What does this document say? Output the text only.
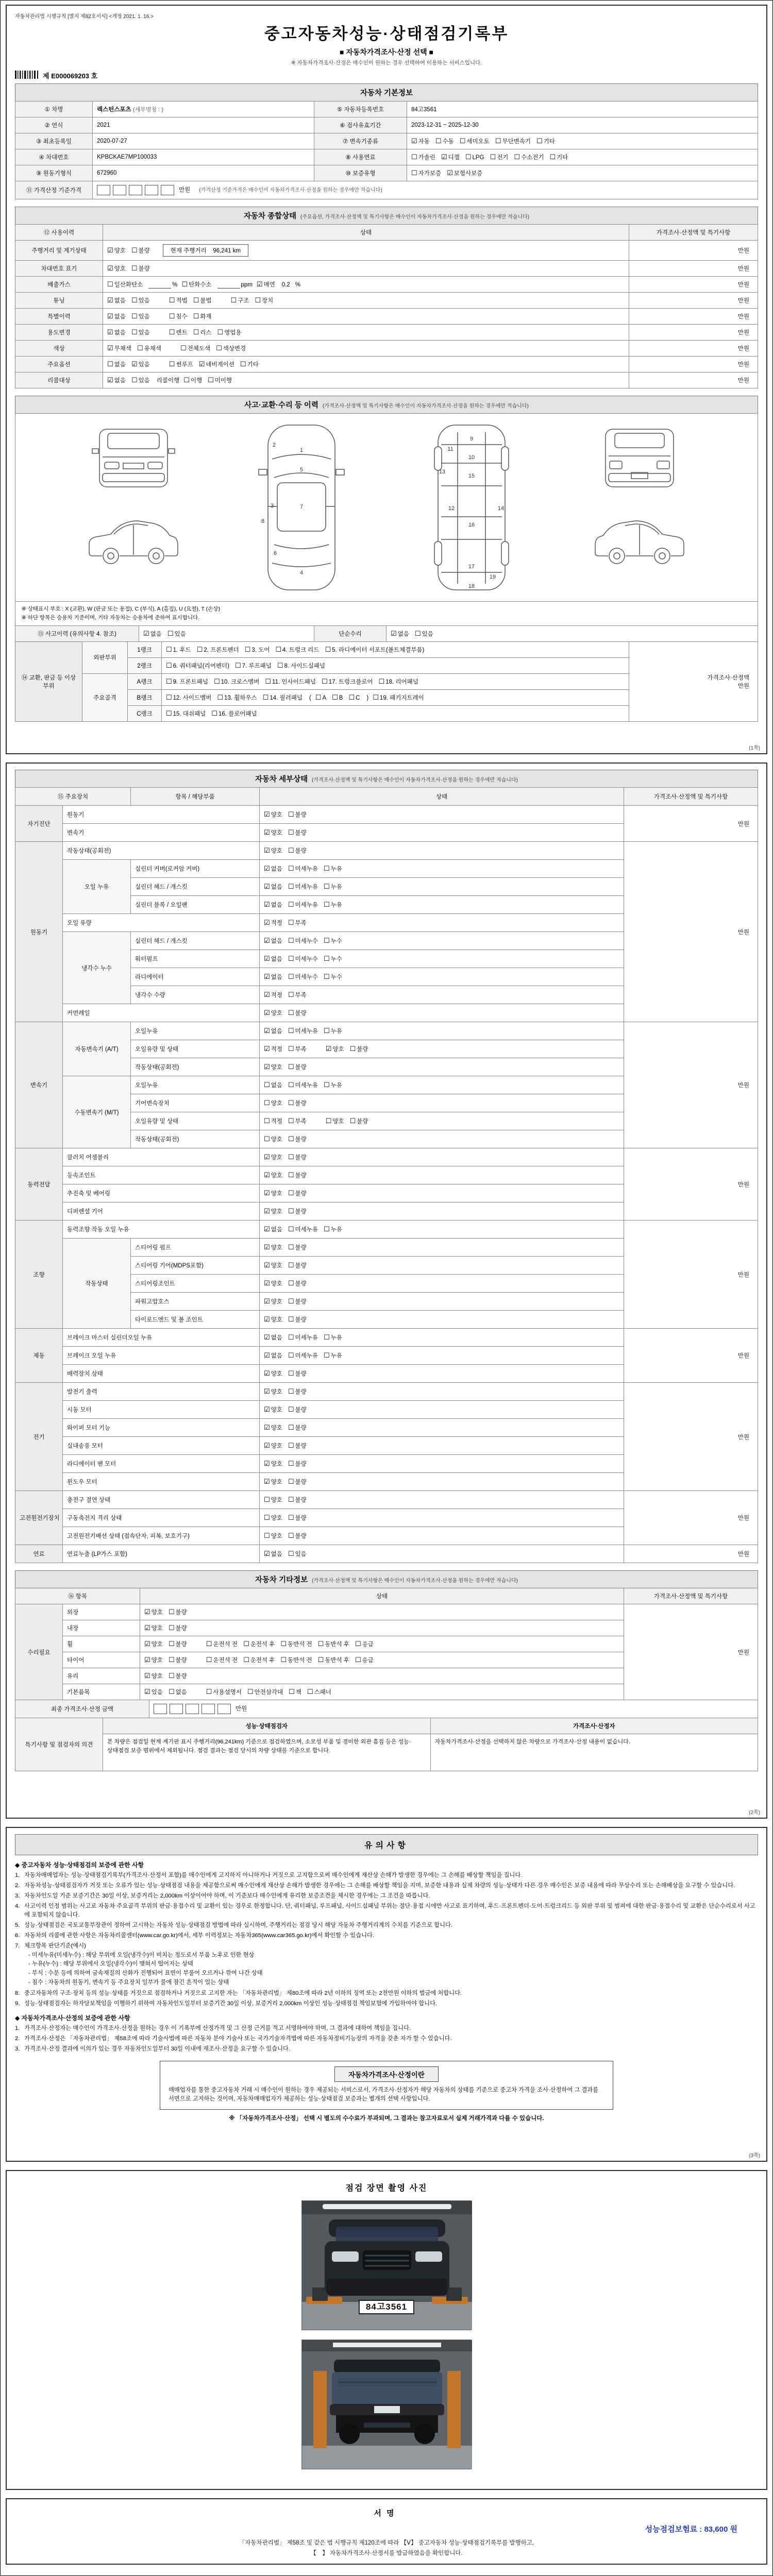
자동차관리법 시행규칙 [별지 제82호서식] <개정 2021. 1. 16.>
중고자동차성능·상태점검기록부
■ 자동차가격조사·산정 선택 ■
※ 자동차가격조사·산정은 매수인이 원하는 경우 선택하여 이용하는 서비스입니다.
제 E000069203 호
자동차 기본정보
① 차명	렉스턴스포츠 (세부명칭 : )	⑤ 자동차등록번호	84고3561
② 연식	2021	⑥ 검사유효기간	2023-12-31 ~ 2025-12-30
③ 최초등록일	2020-07-27	⑦ 변속기종류	☑ 자동 ☐ 수동 ☐ 세미오토 ☐ 무단변속기 ☐ 기타
④ 차대번호	KPBCKAE7MP100033	⑧ 사용연료	☐ 가솔린 ☑ 디젤 ☐ LPG ☐ 전기 ☐ 수소전기 ☐ 기타
⑨ 원동기형식	672960	⑩ 보증유형	☐ 자가보증 ☑ 보험사보증
⑪ 가격산정 기준가격	만원 (가격산정 기준가격은 매수인이 자동차가격조사·산정을 원하는 경우에만 적습니다)		
자동차 종합상태 (주요옵션, 가격조사·산정액 및 특기사항은 매수인이 자동차가격조사·산정을 원하는 경우에만 적습니다)
⑫ 사용이력	상태	가격조사·산정액 및 특기사항
주행거리 및 계기상태	☑ 양호 ☐ 불량 현재 주행거리    96,241 km	만원
차대번호 표기	☑ 양호 ☐ 불량	만원
배출가스	☐ 일산화탄소 % ☐ 탄화수소 ppm ☑ 매연 0.2 %	만원
튜닝	☑ 없음 ☐ 있음 ☐ 적법 ☐ 불법 ☐ 구조 ☐ 장치	만원
특별이력	☑ 없음 ☐ 있음 ☐ 침수 ☐ 화재	만원
용도변경	☑ 없음 ☐ 있음 ☐ 렌트 ☐ 리스 ☐ 영업용	만원
색상	☑ 무채색 ☐ 유채색 ☐ 전체도색 ☐ 색상변경	만원
주요옵션	☐ 없음 ☑ 있음 ☐ 썬루프 ☑ 네비게이션 ☐ 기타	만원
리콜대상	☑ 없음 ☐ 있음 리콜이행 ☐ 이행 ☐ 미이행	만원
사고·교환·수리 등 이력 (가격조사·산정액 및 특기사항은 매수인이 자동차가격조사·산정을 원하는 경우에만 적습니다)
1
2
3
4
5
6
7
8
9
10
11
12
13
14
15
16
17
18
19
※ 상태표시 부호 : X (교환), W (판금 또는 용접), C (부식), A (흠집), U (요철), T (손상)
※ 하단 항목은 승용차 기준이며, 기타 자동차는 승용차에 준하여 표시합니다.
⑬ 사고이력 (유의사항 4. 참조)	☑ 없음 ☐ 있음	단순수리	☑ 없음 ☐ 있음
⑭ 교환, 판금 등 이상 부위	외판부위	1랭크	☐ 1. 후드 ☐ 2. 프론트펜더 ☐ 3. 도어 ☐ 4. 트렁크 리드 ☐ 5. 라디에이터 서포트(볼트체결부품)	가격조사·산정액
만원

		2랭크	☐ 6. 쿼터패널(리어펜더) ☐ 7. 루프패널 ☐ 8. 사이드실패널	
	주요골격	A랭크	☐ 9. 프론트패널 ☐ 10. 크로스멤버 ☐ 11. 인사이드패널 ☐ 17. 트렁크플로어 ☐ 18. 리어패널	
		B랭크	☐ 12. 사이드멤버 ☐ 13. 휠하우스 ☐ 14. 필러패널 ( ☐ A ☐ B ☐ C ) ☐ 19. 패키지트레이	
		C랭크	☐ 15. 대쉬패널 ☐ 16. 플로어패널	
(1쪽)
자동차 세부상태 (가격조사·산정액 및 특기사항은 매수인이 자동차가격조사·산정을 원하는 경우에만 적습니다)
⑮ 주요장치		항목 / 해당부품	상태	가격조사·산정액 및 특기사항
자기진단	원동기		☑ 양호 ☐ 불량	만원
	변속기		☑ 양호 ☐ 불량	
원동기	작동상태(공회전)		☑ 양호 ☐ 불량	만원
	오일 누유	실린더 커버(로커암 커버)	☑ 없음 ☐ 미세누유 ☐ 누유	
		실린더 헤드 / 개스킷	☑ 없음 ☐ 미세누유 ☐ 누유	
		실린더 블록 / 오일팬	☑ 없음 ☐ 미세누유 ☐ 누유	
	오일 유량		☑ 적정 ☐ 부족	
	냉각수 누수	실린더 헤드 / 개스킷	☑ 없음 ☐ 미세누수 ☐ 누수	
		워터펌프	☑ 없음 ☐ 미세누수 ☐ 누수	
		라디에이터	☑ 없음 ☐ 미세누수 ☐ 누수	
		냉각수 수량	☑ 적정 ☐ 부족	
	커먼레일		☑ 양호 ☐ 불량	
변속기	자동변속기 (A/T)	오일누유	☑ 없음 ☐ 미세누유 ☐ 누유	만원
		오일유량 및 상태	☑ 적정 ☐ 부족 ☑ 양호 ☐ 불량	
		작동상태(공회전)	☑ 양호 ☐ 불량	
	수동변속기 (M/T)	오일누유	☐ 없음 ☐ 미세누유 ☐ 누유	
		기어변속장치	☐ 양호 ☐ 불량	
		오일유량 및 상태	☐ 적정 ☐ 부족 ☐ 양호 ☐ 불량	
		작동상태(공회전)	☐ 양호 ☐ 불량	
동력전달	클러치 어셈블리		☑ 양호 ☐ 불량	만원
	등속조인트		☑ 양호 ☐ 불량	
	추진축 및 베어링		☑ 양호 ☐ 불량	
	디퍼렌셜 기어		☑ 양호 ☐ 불량	
조향	동력조향 작동 오일 누유		☑ 없음 ☐ 미세누유 ☐ 누유	만원
	작동상태	스티어링 펌프	☑ 양호 ☐ 불량	
		스티어링 기어(MDPS포함)	☑ 양호 ☐ 불량	
		스티어링조인트	☑ 양호 ☐ 불량	
		파워고압호스	☑ 양호 ☐ 불량	
		타이로드엔드 및 볼 조인트	☑ 양호 ☐ 불량	
제동	브레이크 마스터 실린더오일 누유		☑ 없음 ☐ 미세누유 ☐ 누유	만원
	브레이크 오일 누유		☑ 없음 ☐ 미세누유 ☐ 누유	
	배력장치 상태		☑ 양호 ☐ 불량	
전기	발전기 출력		☑ 양호 ☐ 불량	만원
	시동 모터		☑ 양호 ☐ 불량	
	와이퍼 모터 기능		☑ 양호 ☐ 불량	
	실내송풍 모터		☑ 양호 ☐ 불량	
	라디에이터 팬 모터		☑ 양호 ☐ 불량	
	윈도우 모터		☑ 양호 ☐ 불량	
고전원전기장치	충전구 절연 상태		☐ 양호 ☐ 불량	만원
	구동축전지 격리 상태		☐ 양호 ☐ 불량	
	고전원전기배선 상태 (접속단자, 피복, 보호기구)		☐ 양호 ☐ 불량	
연료	연료누출 (LP가스 포함)		☑ 없음 ☐ 있음	만원
자동차 기타정보 (가격조사·산정액 및 특기사항은 매수인이 자동차가격조사·산정을 원하는 경우에만 적습니다)
⑯ 항목		상태	가격조사·산정액 및 특기사항
수리필요	외장	☑ 양호 ☐ 불량	만원
	내장	☑ 양호 ☐ 불량	
	휠	☑ 양호 ☐ 불량 ☐ 운전석 전 ☐ 운전석 후 ☐ 동반석 전 ☐ 동반석 후 ☐ 응급	
	타이어	☑ 양호 ☐ 불량 ☐ 운전석 전 ☐ 운전석 후 ☐ 동반석 전 ☐ 동반석 후 ☐ 응급	
	유리	☑ 양호 ☐ 불량	
	기본품목	☑ 있음 ☐ 없음 ☐ 사용설명서 ☐ 안전삼각대 ☐ 잭 ☐ 스패너	
최종 가격조사·산정 금액	만원
특기사항 및 점검자의 의견	성능·상태점검자	가격조사·산정자
	본 차량은 점검일 현재 계기판 표시 주행거리(96,241km) 기준으로 점검하였으며, 소모성 부품 및 경미한 외관 흠집 등은 성능·상태점검 보증 범위에서 제외됩니다. 점검 결과는 점검 당시의 차량 상태를 기준으로 합니다.	자동차가격조사·산정을 선택하지 않은 차량으로 가격조사·산정 내용이 없습니다.
(2쪽)
유의사항
◆ 중고자동차 성능·상태점검의 보증에 관한 사항
1. 자동차매매업자는 성능·상태점검기록부(가격조사·산정서 포함)를 매수인에게 고지하지 아니하거나 거짓으로 고지함으로써 매수인에게 재산상 손해가 발생한 경우에는 그 손해를 배상할 책임을 집니다.
2. 자동차성능·상태점검자가 거짓 또는 오류가 있는 성능·상태점검 내용을 제공함으로써 매수인에게 재산상 손해가 발생한 경우에는 그 손해를 배상할 책임을 지며, 보증한 내용과 실제 차량의 성능·상태가 다른 경우 매수인은 보증 내용에 따라 무상수리 또는 손해배상을 요구할 수 있습니다.
3. 자동차인도일 기준 보증기간은 30일 이상, 보증거리는 2,000km 이상이어야 하며, 이 기준보다 매수인에게 유리한 보증조건을 제시한 경우에는 그 조건을 따릅니다.
4. 사고이력 인정 범위는 사고로 자동차 주요골격 부위의 판금·용접수리 및 교환이 있는 경우로 한정합니다. 단, 쿼터패널, 루프패널, 사이드실패널 부위는 절단·용접 시에만 사고로 표기하며, 후드·프론트펜더·도어·트렁크리드 등 외판 부위 및 범퍼에 대한 판금·용접수리 및 교환은 단순수리로서 사고에 포함되지 않습니다.
5. 성능·상태점검은 국토교통부장관이 정하여 고시하는 자동차 성능·상태점검 방법에 따라 실시하며, 주행거리는 점검 당시 해당 자동차 주행거리계의 수치를 기준으로 합니다.
6. 자동차의 리콜에 관한 사항은 자동차리콜센터(www.car.go.kr)에서, 세부 이력정보는 자동차365(www.car365.go.kr)에서 확인할 수 있습니다.
7. 체크항목 판단기준(예시)
- 미세누유(미세누수) : 해당 부위에 오일(냉각수)이 비치는 정도로서 부품 노후로 인한 현상
- 누유(누수) : 해당 부위에서 오일(냉각수)이 맺혀서 떨어지는 상태
- 부식 : 수분 등에 의하여 금속재질의 산화가 진행되어 표면이 부풀어 오르거나 깎여 나간 상태
- 침수 : 자동차의 원동기, 변속기 등 주요장치 일부가 물에 잠긴 흔적이 있는 상태
8. 중고자동차의 구조·장치 등의 성능·상태를 거짓으로 점검하거나 거짓으로 고지한 자는 「자동차관리법」 제80조에 따라 2년 이하의 징역 또는 2천만원 이하의 벌금에 처합니다.
9. 성능·상태점검자는 하자담보책임을 이행하기 위하여 자동차인도일부터 보증기간 30일 이상, 보증거리 2,000km 이상인 성능·상태점검 책임보험에 가입하여야 합니다.
◆ 자동차가격조사·산정의 보증에 관한 사항
1. 가격조사·산정자는 매수인이 가격조사·산정을 원하는 경우 이 기록부에 산정가격 및 그 산정 근거를 적고 서명하여야 하며, 그 결과에 대하여 책임을 집니다.
2. 가격조사·산정은 「자동차관리법」 제58조에 따라 기술사법에 따른 자동차 분야 기술사 또는 국가기술자격법에 따른 자동차정비기능장의 자격을 갖춘 자가 할 수 있습니다.
3. 가격조사·산정 결과에 이의가 있는 경우 자동차인도일부터 30일 이내에 재조사·산정을 요구할 수 있습니다.
자동차가격조사·산정이란
매매업자를 통한 중고자동차 거래 시 매수인이 원하는 경우 제공되는 서비스로서, 가격조사·산정자가 해당 자동차의 상태를 기준으로 중고차 가격을 조사·산정하여 그 결과를 서면으로 고지하는 것이며, 자동차매매업자가 제공하는 성능·상태점검 보증과는 별개의 선택 사항입니다.
※ 「자동차가격조사·산정」 선택 시 별도의 수수료가 부과되며, 그 결과는 참고자료로서 실제 거래가격과 다를 수 있습니다.
(3쪽)
점검 장면 촬영 사진
84고3561
서명
성능점검보험료 : 83,600 원
「자동차관리법」 제58조 및 같은 법 시행규칙 제120조에 따라 【Ⅴ】 중고자동차 성능·상태점검기록부를 발행하고,
【　】 자동차가격조사·산정서를 발급하였음을 확인합니다.
